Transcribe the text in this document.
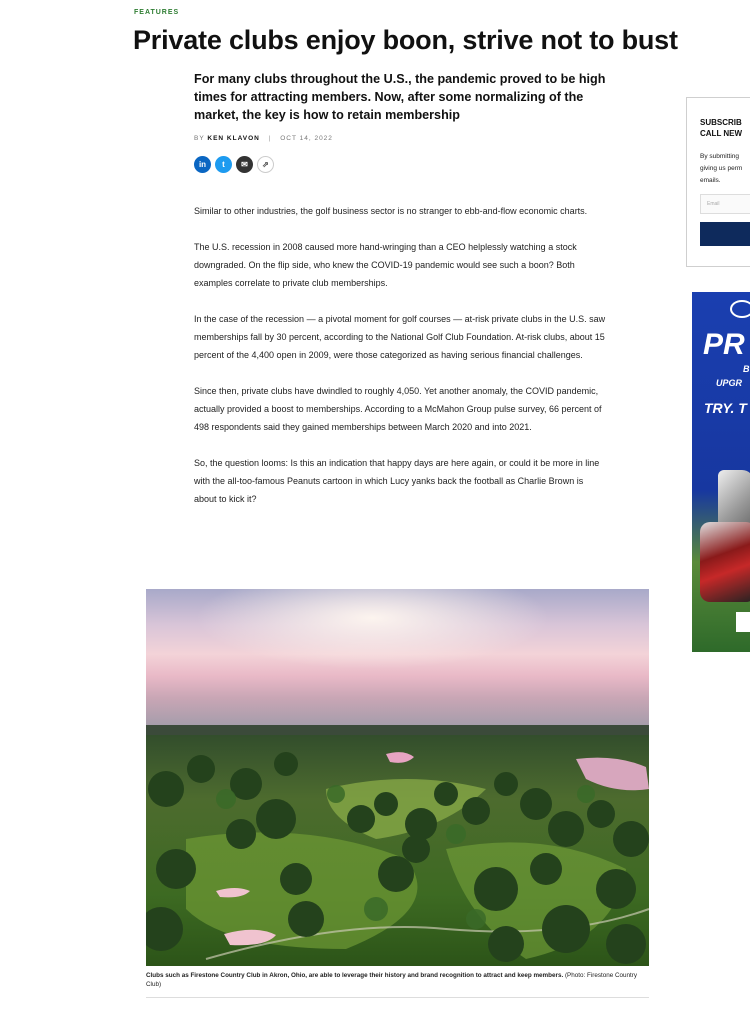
FEATURES
Private clubs enjoy boon, strive not to bust
For many clubs throughout the U.S., the pandemic proved to be high times for attracting members. Now, after some normalizing of the market, the key is how to retain membership
BY KEN KLAVON | OCT 14, 2022
in	t	✉	⇗

Similar to other industries, the golf business sector is no stranger to ebb-and-flow economic charts.

The U.S. recession in 2008 caused more hand-wringing than a CEO helplessly watching a stock downgraded. On the flip side, who knew the COVID-19 pandemic would see such a boon? Both examples correlate to private club memberships.

In the case of the recession — a pivotal moment for golf courses — at-risk private clubs in the U.S. saw memberships fall by 30 percent, according to the National Golf Club Foundation. At-risk clubs, about 15 percent of the 4,400 open in 2009, were those categorized as having serious financial challenges.

Since then, private clubs have dwindled to roughly 4,050. Yet another anomaly, the COVID pandemic, actually provided a boost to memberships. According to a McMahon Group pulse survey, 66 percent of 498 respondents said they gained memberships between March 2020 and into 2021.

So, the question looms: Is this an indication that happy days are here again, or could it be more in line with the all-too-famous Peanuts cartoon in which Lucy yanks back the football as Charlie Brown is about to kick it?

Clubs such as Firestone Country Club in Akron, Ohio, are able to leverage their history and brand recognition to attract and keep members. (Photo: Firestone Country Club)
SUBSCRIB
CALL NEW
By submitting
giving us perm
emails.
Email
PR
B
UPGR
TRY. T
